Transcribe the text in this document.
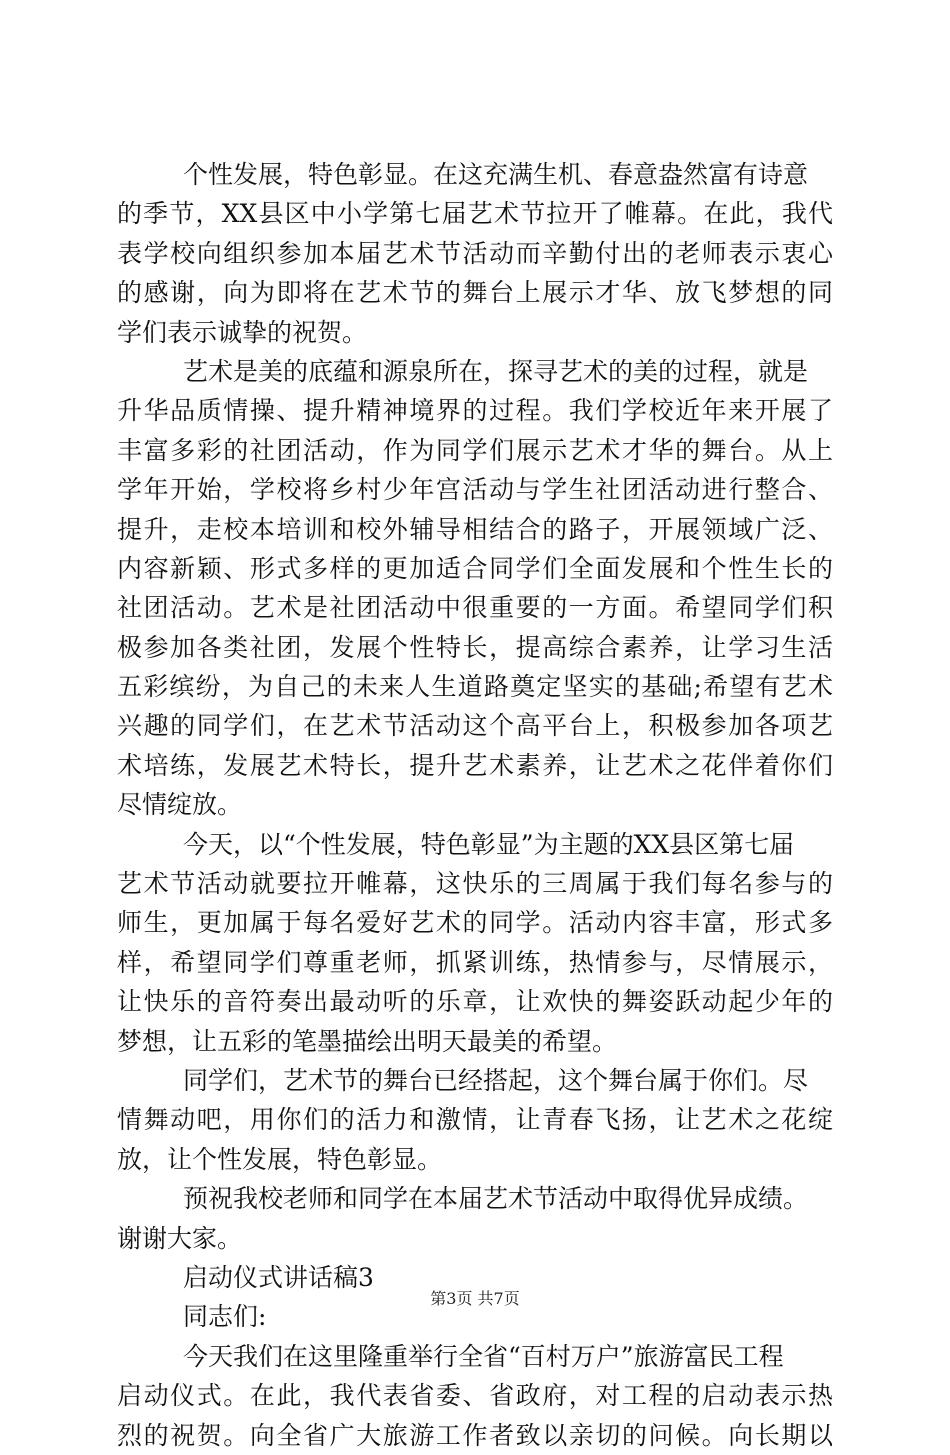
个性发展，特色彰显。在这充满生机、春意盎然富有诗意
的季节，XX县区中小学第七届艺术节拉开了帷幕。在此，我代
表学校向组织参加本届艺术节活动而辛勤付出的老师表示衷心
的感谢，向为即将在艺术节的舞台上展示才华、放飞梦想的同
学们表示诚挚的祝贺。
艺术是美的底蕴和源泉所在，探寻艺术的美的过程，就是
升华品质情操、提升精神境界的过程。我们学校近年来开展了
丰富多彩的社团活动，作为同学们展示艺术才华的舞台。从上
学年开始，学校将乡村少年宫活动与学生社团活动进行整合、
提升，走校本培训和校外辅导相结合的路子，开展领域广泛、
内容新颖、形式多样的更加适合同学们全面发展和个性生长的
社团活动。艺术是社团活动中很重要的一方面。希望同学们积
极参加各类社团，发展个性特长，提高综合素养，让学习生活
五彩缤纷，为自己的未来人生道路奠定坚实的基础;希望有艺术
兴趣的同学们，在艺术节活动这个高平台上，积极参加各项艺
术培练，发展艺术特长，提升艺术素养，让艺术之花伴着你们
尽情绽放。
今天，以“个性发展，特色彰显”为主题的XX县区第七届
艺术节活动就要拉开帷幕，这快乐的三周属于我们每名参与的
师生，更加属于每名爱好艺术的同学。活动内容丰富，形式多
样，希望同学们尊重老师，抓紧训练，热情参与，尽情展示，
让快乐的音符奏出最动听的乐章，让欢快的舞姿跃动起少年的
梦想，让五彩的笔墨描绘出明天最美的希望。
同学们，艺术节的舞台已经搭起，这个舞台属于你们。尽
情舞动吧，用你们的活力和激情，让青春飞扬，让艺术之花绽
放，让个性发展，特色彰显。
预祝我校老师和同学在本届艺术节活动中取得优异成绩。
谢谢大家。
启动仪式讲话稿3
同志们:
今天我们在这里隆重举行全省“百村万户”旅游富民工程
启动仪式。在此，我代表省委、省政府，对工程的启动表示热
烈的祝贺。向全省广大旅游工作者致以亲切的问候。向长期以
第3页 共7页
